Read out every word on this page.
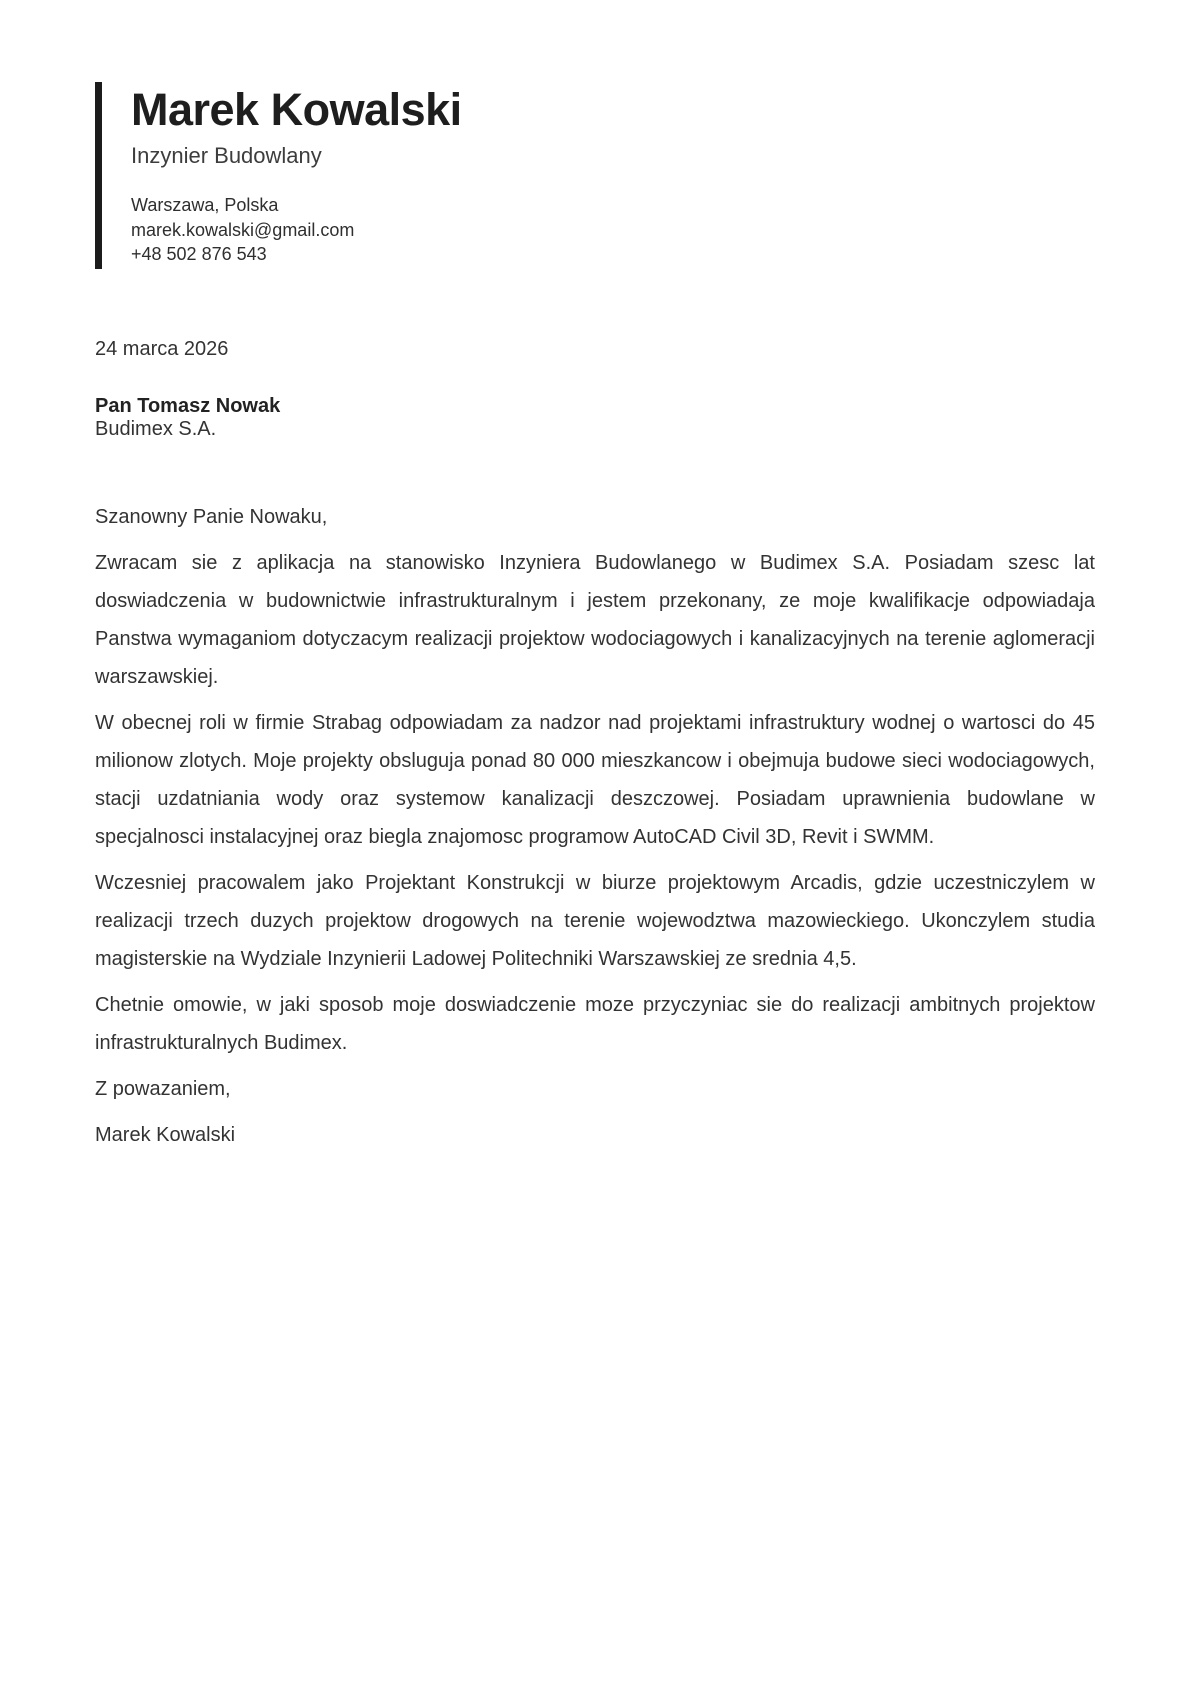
Marek Kowalski
Inzynier Budowlany
Warszawa, Polska
marek.kowalski@gmail.com
+48 502 876 543
24 marca 2026
Pan Tomasz Nowak
Budimex S.A.

Szanowny Panie Nowaku,

Zwracam sie z aplikacja na stanowisko Inzyniera Budowlanego w Budimex S.A. Posiadam szesc lat doswiadczenia w budownictwie infrastrukturalnym i jestem przekonany, ze moje kwalifikacje odpowiadaja Panstwa wymaganiom dotyczacym realizacji projektow wodociagowych i kanalizacyjnych na terenie aglomeracji warszawskiej.

W obecnej roli w firmie Strabag odpowiadam za nadzor nad projektami infrastruktury wodnej o wartosci do 45 milionow zlotych. Moje projekty obsluguja ponad 80 000 mieszkancow i obejmuja budowe sieci wodociagowych, stacji uzdatniania wody oraz systemow kanalizacji deszczowej. Posiadam uprawnienia budowlane w specjalnosci instalacyjnej oraz biegla znajomosc programow AutoCAD Civil 3D, Revit i SWMM.

Wczesniej pracowalem jako Projektant Konstrukcji w biurze projektowym Arcadis, gdzie uczestniczylem w realizacji trzech duzych projektow drogowych na terenie wojewodztwa mazowieckiego. Ukonczylem studia magisterskie na Wydziale Inzynierii Ladowej Politechniki Warszawskiej ze srednia 4,5.

Chetnie omowie, w jaki sposob moje doswiadczenie moze przyczyniac sie do realizacji ambitnych projektow infrastrukturalnych Budimex.

Z powazaniem,

Marek Kowalski
